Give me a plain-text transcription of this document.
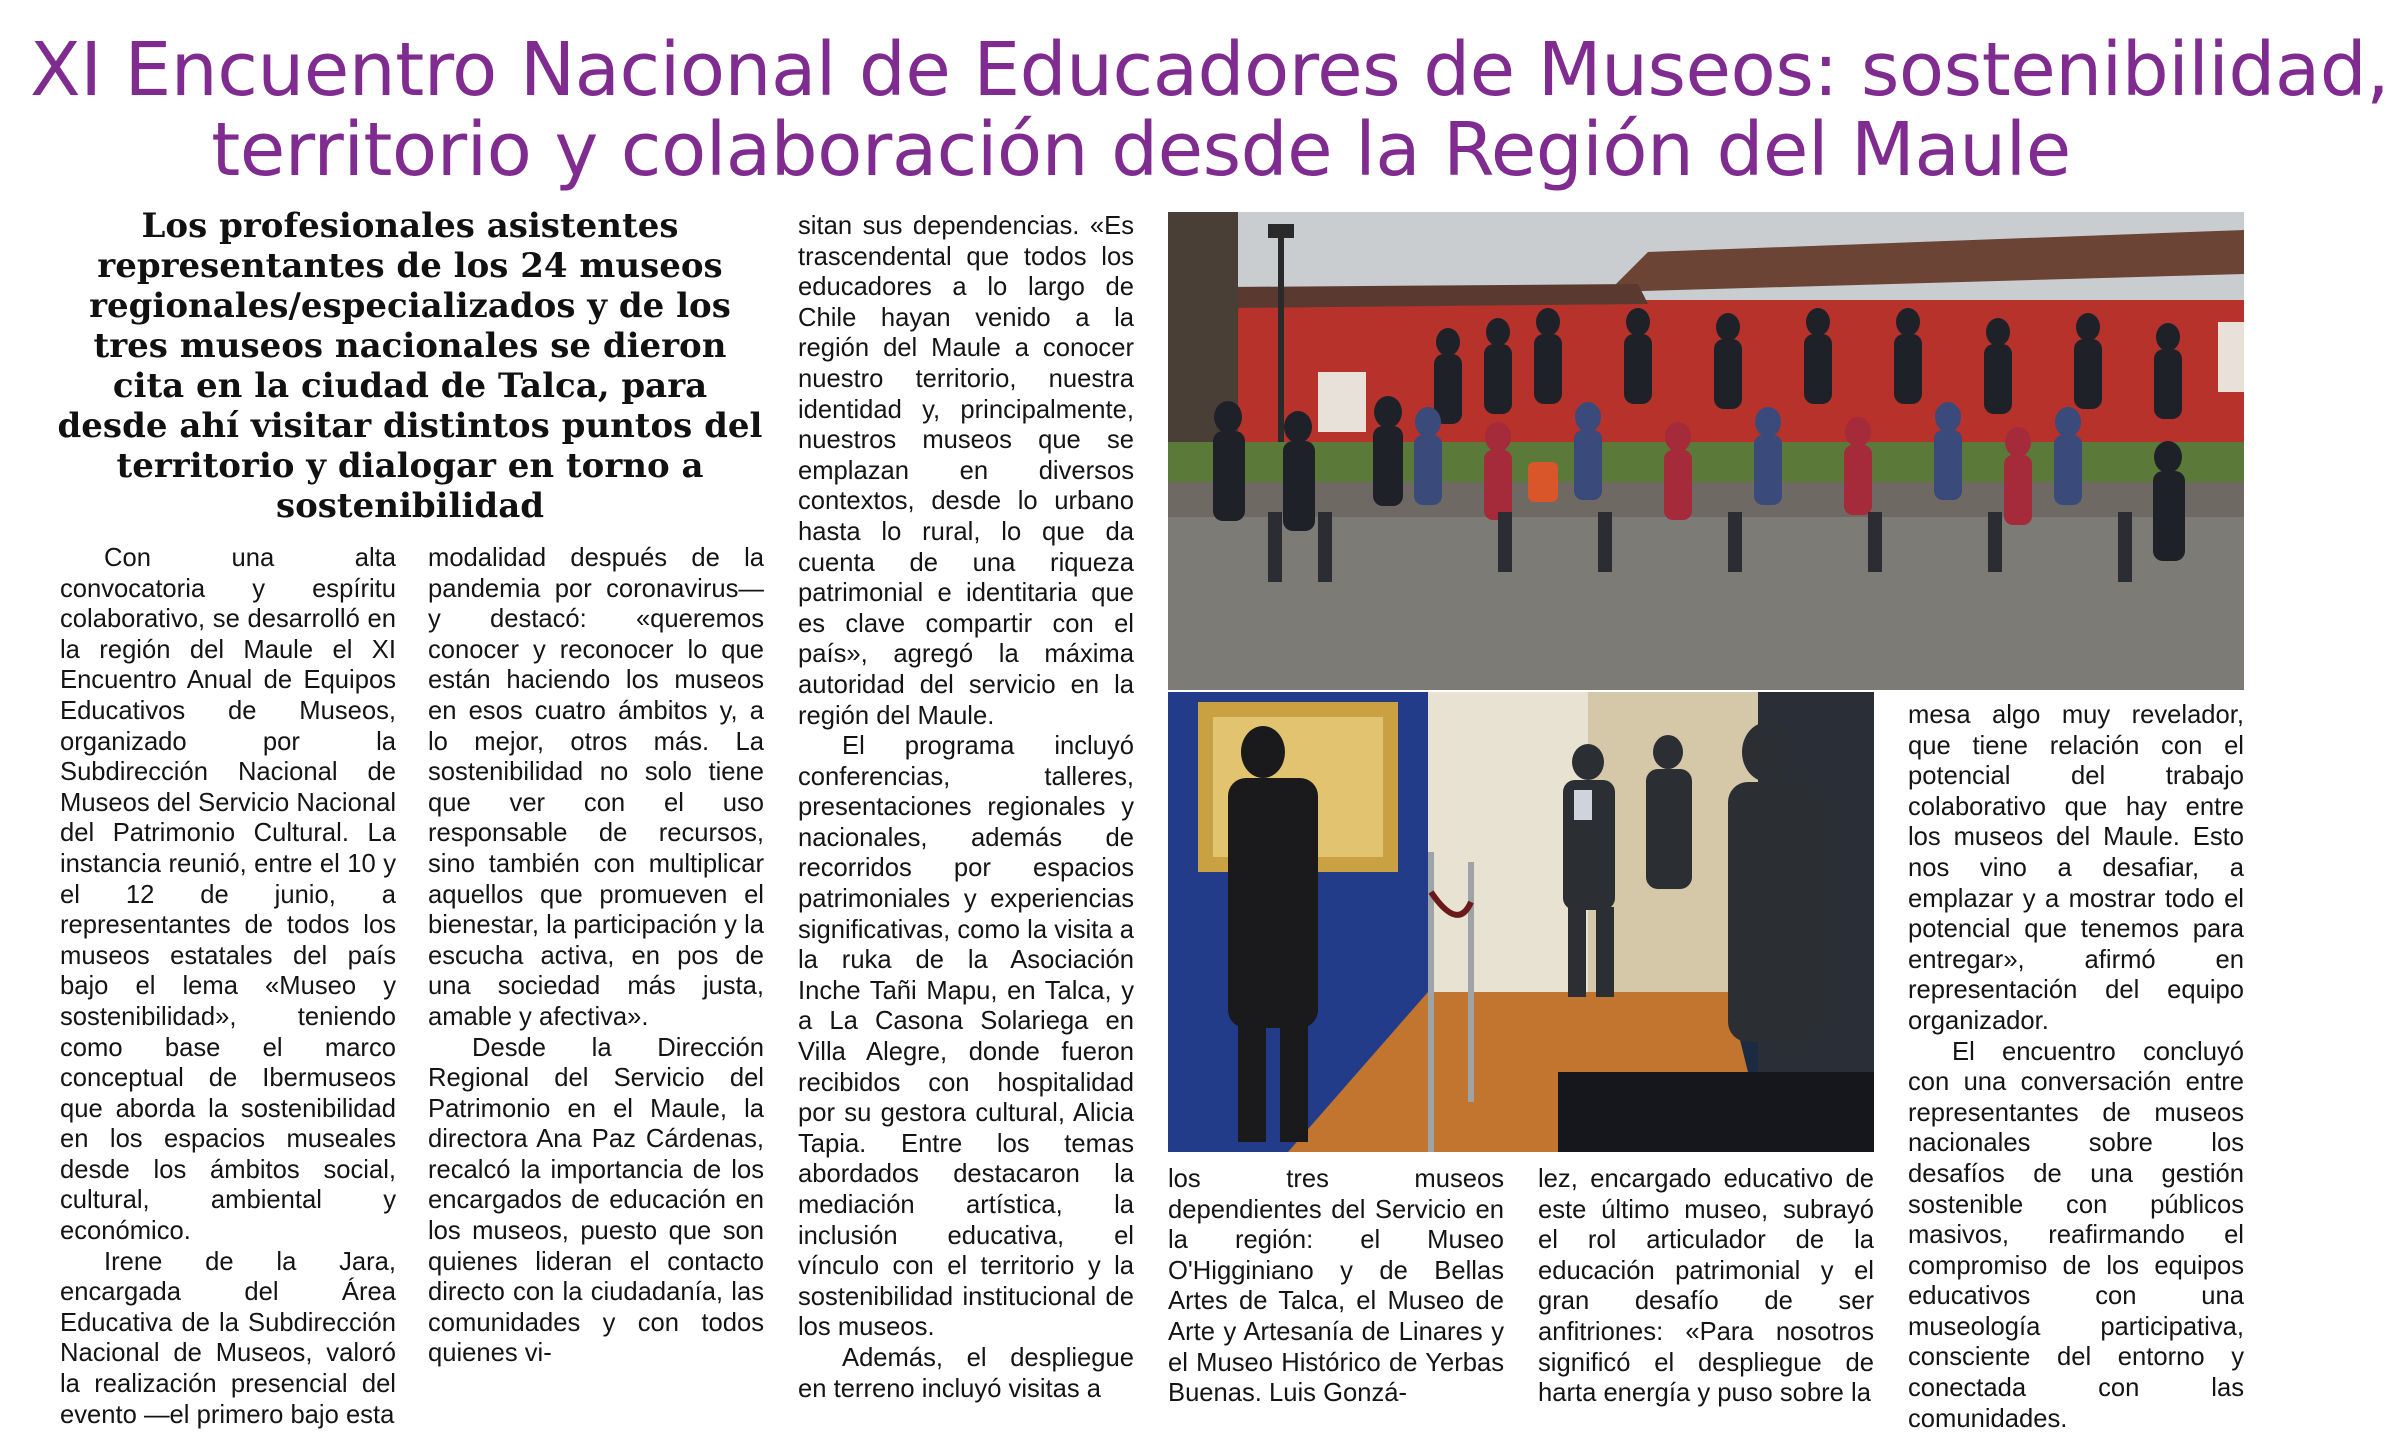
XI Encuentro Nacional de Educadores de Museos: sostenibilidad,
territorio y colaboración desde la Región del Maule
Los profesionales asistentes representantes de los 24 museos regionales/especializados y de los tres museos nacionales se dieron cita en la ciudad de Talca, para desde ahí visitar distintos puntos del territorio y dialogar en torno a sostenibilidad

Con una alta convocatoria y espíritu colaborativo, se desarrolló en la región del Maule el XI Encuentro Anual de Equipos Educativos de Museos, organizado por la Subdirección Nacional de Museos del Servicio Nacional del Patrimonio Cultural. La instancia reunió, entre el 10 y el 12 de junio, a representantes de todos los museos estatales del país bajo el lema «Museo y sostenibilidad», teniendo como base el marco conceptual de Ibermuseos que aborda la sostenibilidad en los espacios museales desde los ámbitos social, cultural, ambiental y económico.

Irene de la Jara, encargada del Área Educativa de la Subdirección Nacional de Museos, valoró la realización presencial del evento —el primero bajo esta

modalidad después de la pandemia por coronavirus— y destacó: «queremos conocer y reconocer lo que están haciendo los museos en esos cuatro ámbitos y, a lo mejor, otros más. La sostenibilidad no solo tiene que ver con el uso responsable de recursos, sino también con multiplicar aquellos que promueven el bienestar, la participación y la escucha activa, en pos de una sociedad más justa, amable y afectiva».

Desde la Dirección Regional del Servicio del Patrimonio en el Maule, la directora Ana Paz Cárdenas, recalcó la importancia de los encargados de educación en los museos, puesto que son quienes lideran el contacto directo con la ciudadanía, las comunidades y con todos quienes vi-

sitan sus dependencias. «Es trascendental que todos los educadores a lo largo de Chile hayan venido a la región del Maule a conocer nuestro territorio, nuestra identidad y, principalmente, nuestros museos que se emplazan en diversos contextos, desde lo urbano hasta lo rural, lo que da cuenta de una riqueza patrimonial e identitaria que es clave compartir con el país», agregó la máxima autoridad del servicio en la región del Maule.

El programa incluyó conferencias, talleres, presentaciones regionales y nacionales, además de recorridos por espacios patrimoniales y experiencias significativas, como la visita a la ruka de la Asociación Inche Tañi Mapu, en Talca, y a La Casona Solariega en Villa Alegre, donde fueron recibidos con hospitalidad por su gestora cultural, Alicia Tapia. Entre los temas abordados destacaron la mediación artística, la inclusión educativa, el vínculo con el territorio y la sostenibilidad institucional de los museos.

Además, el despliegue en terreno incluyó visitas a

los tres museos dependientes del Servicio en la región: el Museo O'Higginiano y de Bellas Artes de Talca, el Museo de Arte y Artesanía de Linares y el Museo Histórico de Yerbas Buenas. Luis Gonzá-

lez, encargado educativo de este último museo, subrayó el rol articulador de la educación patrimonial y el gran desafío de ser anfitriones: «Para nosotros significó el despliegue de harta energía y puso sobre la

mesa algo muy revelador, que tiene relación con el potencial del trabajo colaborativo que hay entre los museos del Maule. Esto nos vino a desafiar, a emplazar y a mostrar todo el potencial que tenemos para entregar», afirmó en representación del equipo organizador.

El encuentro concluyó con una conversación entre representantes de museos nacionales sobre los desafíos de una gestión sostenible con públicos masivos, reafirmando el compromiso de los equipos educativos con una museología participativa, consciente del entorno y conectada con las comunidades.
